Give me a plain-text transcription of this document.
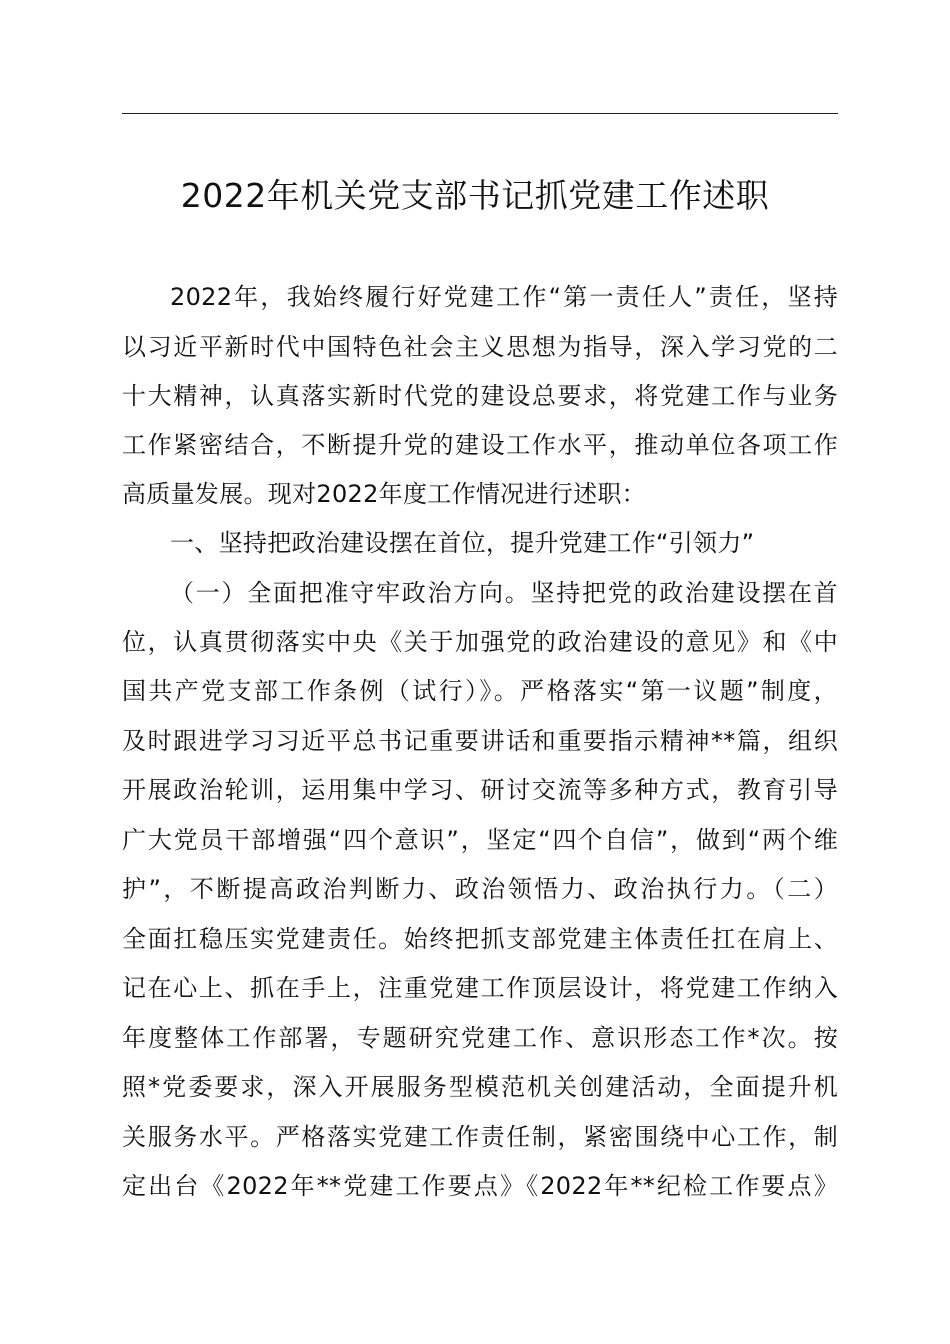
2022年机关党支部书记抓党建工作述职
2022年，我始终履行好党建工作“第一责任人”责任，坚持
以习近平新时代中国特色社会主义思想为指导，深入学习党的二
十大精神，认真落实新时代党的建设总要求，将党建工作与业务
工作紧密结合，不断提升党的建设工作水平，推动单位各项工作
高质量发展。现对2022年度工作情况进行述职：
一、坚持把政治建设摆在首位，提升党建工作“引领力”
（一）全面把准守牢政治方向。坚持把党的政治建设摆在首
位，认真贯彻落实中央《关于加强党的政治建设的意见》和《中
国共产党支部工作条例（试行）》。严格落实“第一议题”制度，
及时跟进学习习近平总书记重要讲话和重要指示精神**篇，组织
开展政治轮训，运用集中学习、研讨交流等多种方式，教育引导
广大党员干部增强“四个意识”，坚定“四个自信”，做到“两个维
护”，不断提高政治判断力、政治领悟力、政治执行力。（二）
全面扛稳压实党建责任。始终把抓支部党建主体责任扛在肩上、
记在心上、抓在手上，注重党建工作顶层设计，将党建工作纳入
年度整体工作部署，专题研究党建工作、意识形态工作*次。按
照*党委要求，深入开展服务型模范机关创建活动，全面提升机
关服务水平。严格落实党建工作责任制，紧密围绕中心工作，制
定出台《2022年**党建工作要点》《2022年**纪检工作要点》
